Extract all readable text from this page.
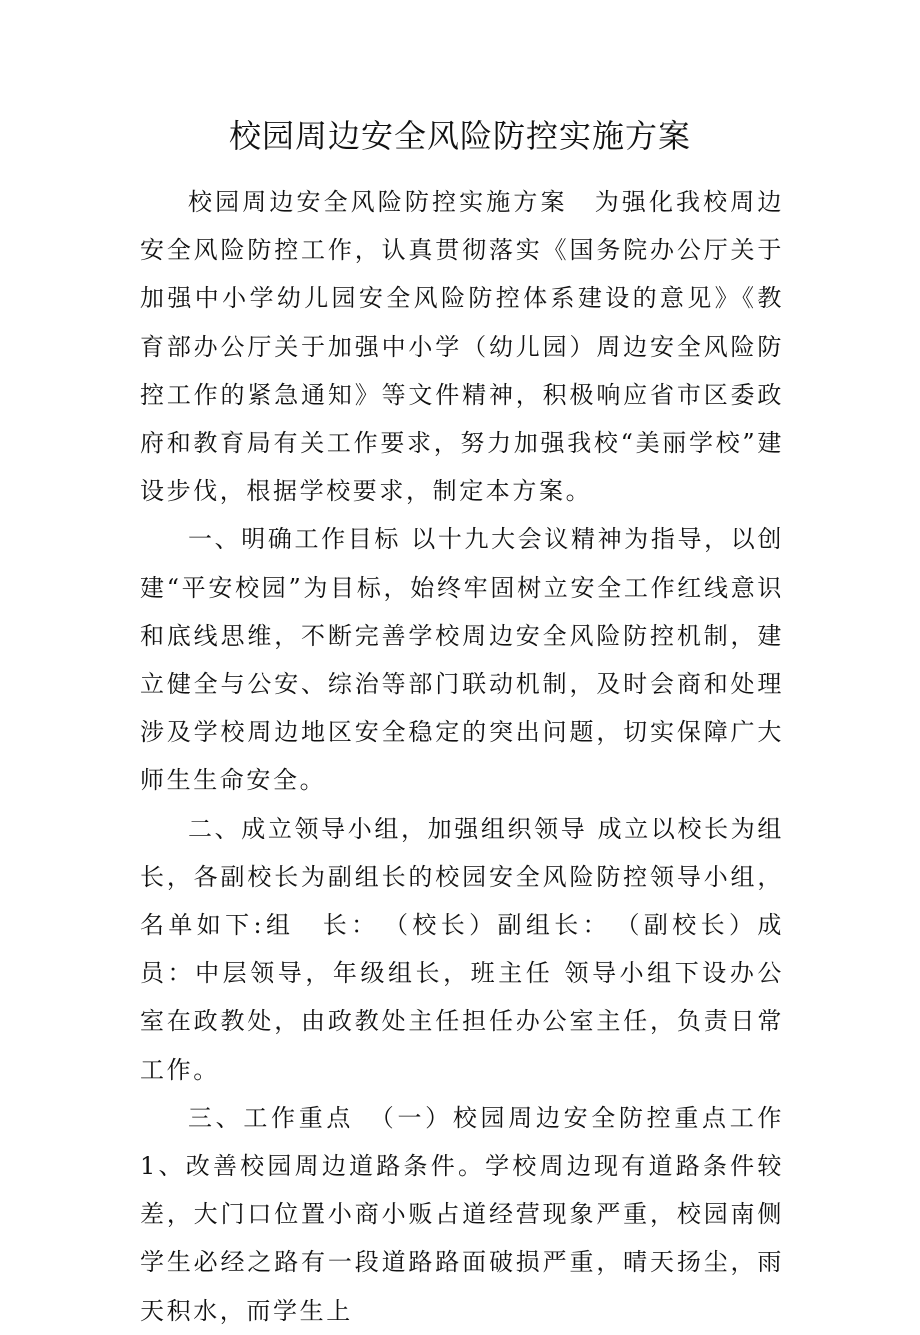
校园周边安全风险防控实施方案

校园周边安全风险防控实施方案　为强化我校周边安全风险防控工作，认真贯彻落实《国务院办公厅关于加强中小学幼儿园安全风险防控体系建设的意见》《教育部办公厅关于加强中小学（幼儿园）周边安全风险防控工作的紧急通知》等文件精神，积极响应省市区委政府和教育局有关工作要求，努力加强我校“美丽学校”建设步伐，根据学校要求，制定本方案。

一、明确工作目标 以十九大会议精神为指导，以创建“平安校园”为目标，始终牢固树立安全工作红线意识和底线思维，不断完善学校周边安全风险防控机制，建立健全与公安、综治等部门联动机制，及时会商和处理涉及学校周边地区安全稳定的突出问题，切实保障广大师生生命安全。

二、成立领导小组，加强组织领导 成立以校长为组长，各副校长为副组长的校园安全风险防控领导小组，名单如下:组　长：　（校长）副组长：　（副校长）成　员：中层领导，年级组长，班主任 领导小组下设办公室在政教处，由政教处主任担任办公室主任，负责日常工作。

三、工作重点　（一）校园周边安全防控重点工作 1、改善校园周边道路条件。学校周边现有道路条件较差，大门口位置小商小贩占道经营现象严重，校园南侧学生必经之路有一段道路路面破损严重，晴天扬尘，雨天积水，而学生上
